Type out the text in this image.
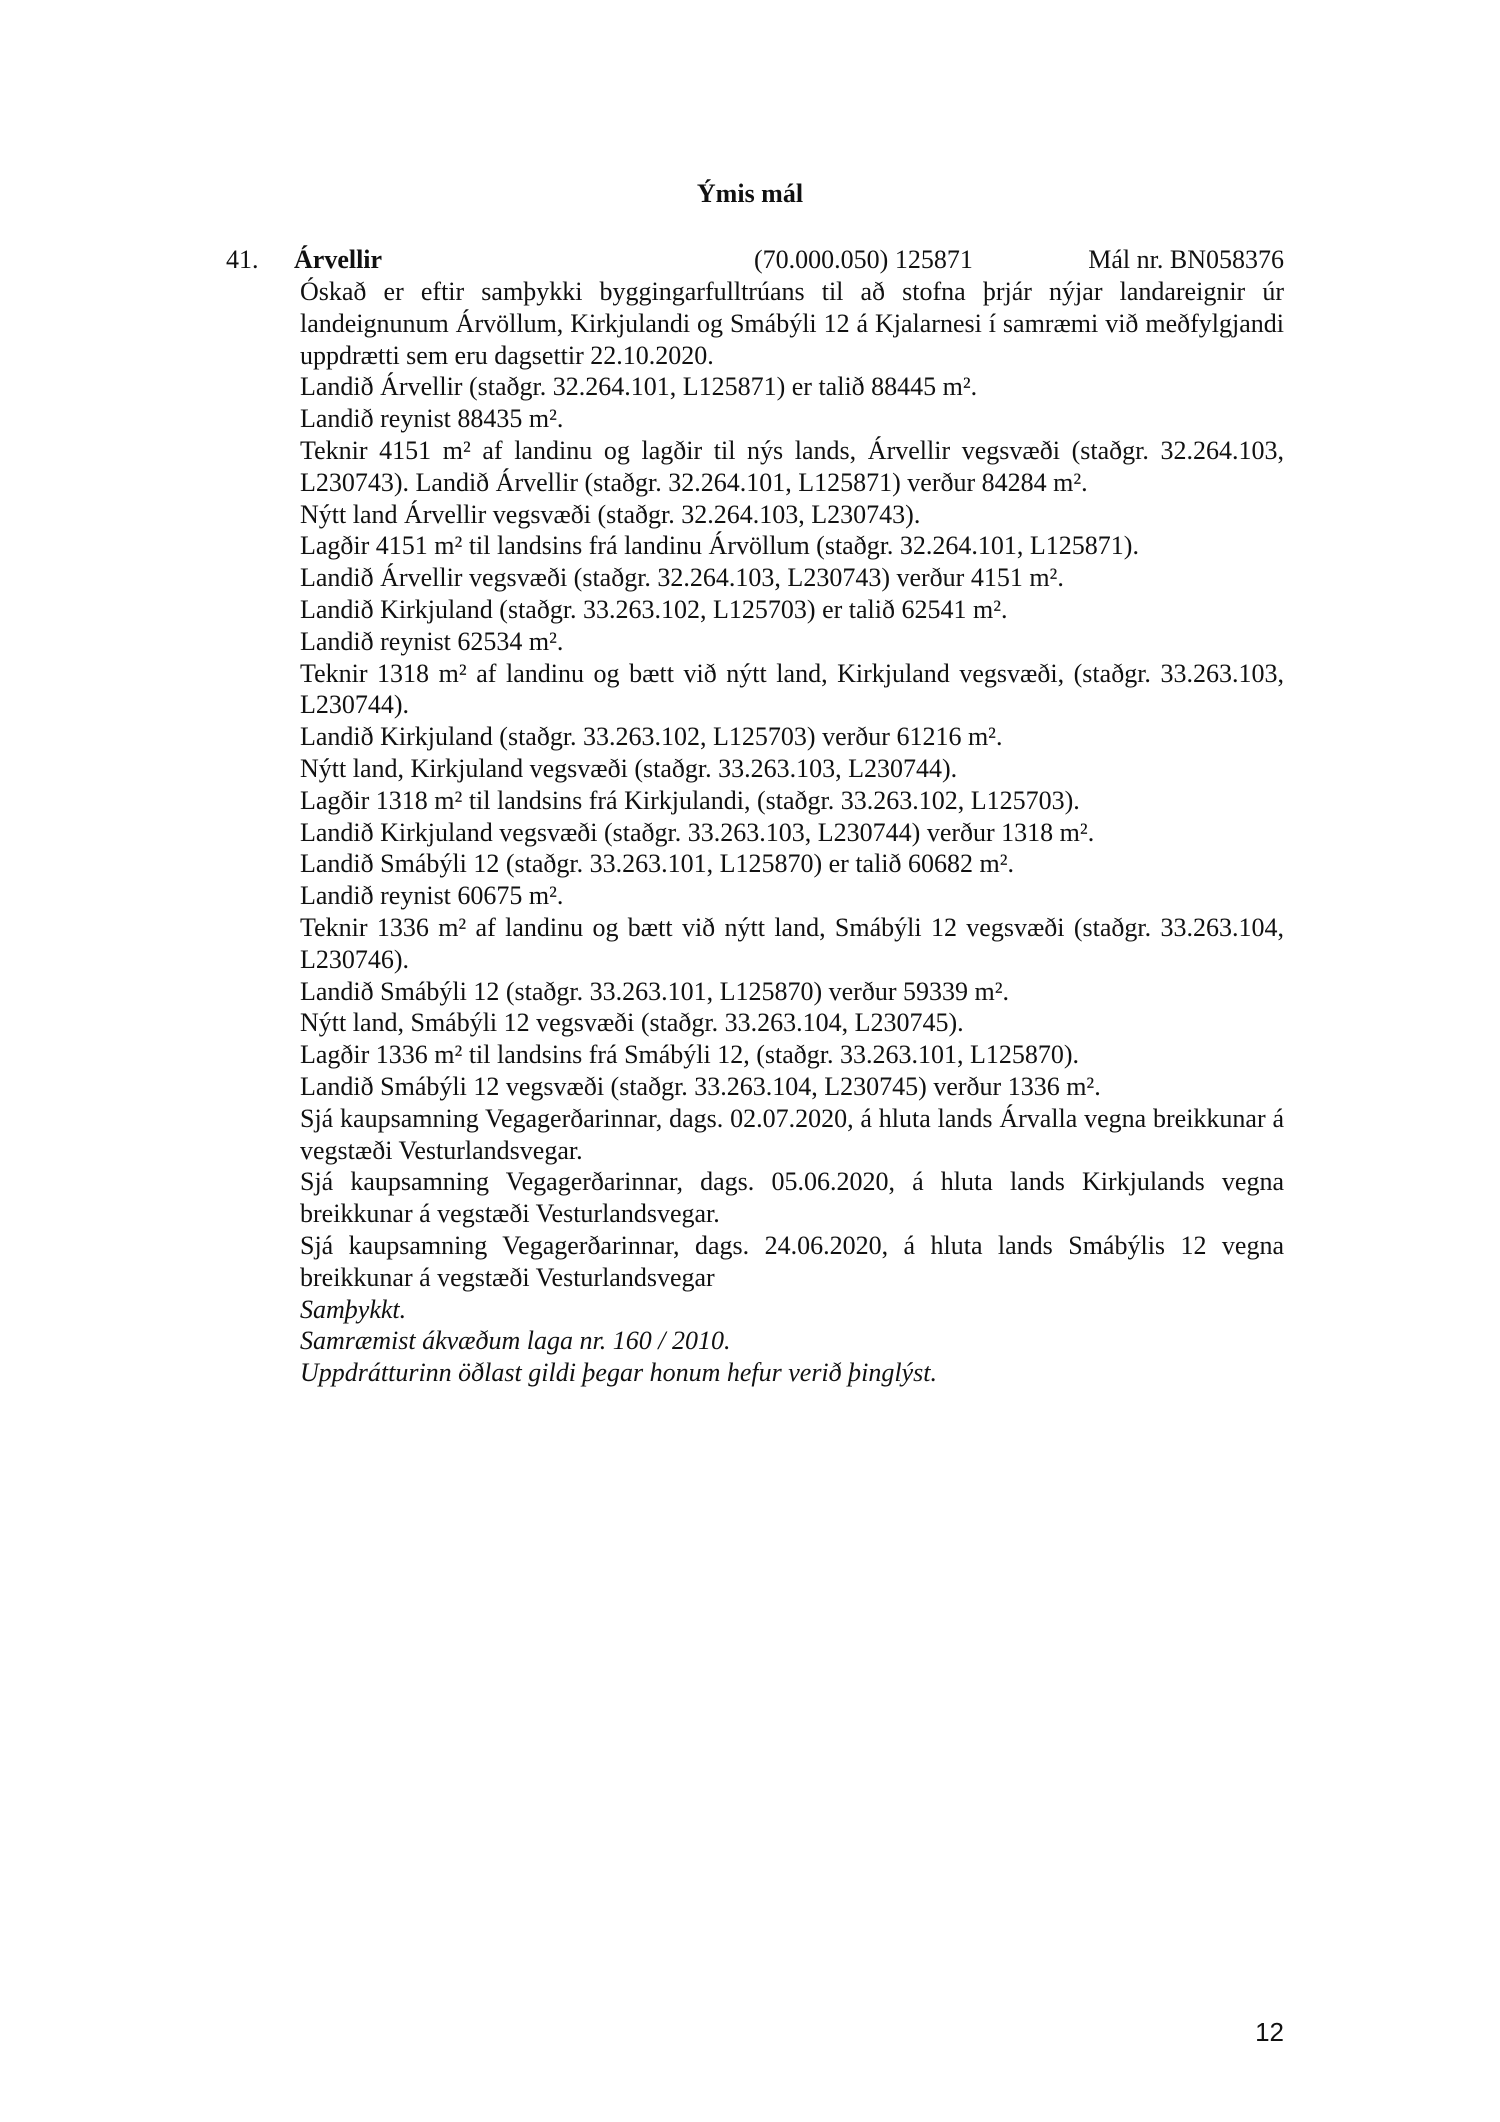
Ýmis mál
41. Árvellir	(70.000.050) 125871	Mál nr. BN058376

Óskað er eftir samþykki byggingarfulltrúans til að stofna þrjár nýjar landareignir úr landeignunum Árvöllum, Kirkjulandi og Smábýli 12 á Kjalarnesi í samræmi við meðfylgjandi uppdrætti sem eru dagsettir 22.10.2020.

Landið Árvellir (staðgr. 32.264.101, L125871) er talið 88445 m².

Landið reynist 88435 m².

Teknir 4151 m² af landinu og lagðir til nýs lands, Árvellir vegsvæði (staðgr. 32.264.103, L230743). Landið Árvellir (staðgr. 32.264.101, L125871) verður 84284 m².

Nýtt land Árvellir vegsvæði (staðgr. 32.264.103, L230743).

Lagðir 4151 m² til landsins frá landinu Árvöllum (staðgr. 32.264.101, L125871).

Landið Árvellir vegsvæði (staðgr. 32.264.103, L230743) verður 4151 m².

Landið Kirkjuland (staðgr. 33.263.102, L125703) er talið 62541 m².

Landið reynist 62534 m².

Teknir 1318 m² af landinu og bætt við nýtt land, Kirkjuland vegsvæði, (staðgr. 33.263.103, L230744).

Landið Kirkjuland (staðgr. 33.263.102, L125703) verður 61216 m².

Nýtt land, Kirkjuland vegsvæði (staðgr. 33.263.103, L230744).

Lagðir 1318 m² til landsins frá Kirkjulandi, (staðgr. 33.263.102, L125703).

Landið Kirkjuland vegsvæði (staðgr. 33.263.103, L230744) verður 1318 m².

Landið Smábýli 12 (staðgr. 33.263.101, L125870) er talið 60682 m².

Landið reynist 60675 m².

Teknir 1336 m² af landinu og bætt við nýtt land, Smábýli 12 vegsvæði (staðgr. 33.263.104, L230746).

Landið Smábýli 12 (staðgr. 33.263.101, L125870) verður 59339 m².

Nýtt land, Smábýli 12 vegsvæði (staðgr. 33.263.104, L230745).

Lagðir 1336 m² til landsins frá Smábýli 12, (staðgr. 33.263.101, L125870).

Landið Smábýli 12 vegsvæði (staðgr. 33.263.104, L230745) verður 1336 m².

Sjá kaupsamning Vegagerðarinnar, dags. 02.07.2020, á hluta lands Árvalla vegna breikkunar á vegstæði Vesturlandsvegar.

Sjá kaupsamning Vegagerðarinnar, dags. 05.06.2020, á hluta lands Kirkjulands vegna breikkunar á vegstæði Vesturlandsvegar.

Sjá kaupsamning Vegagerðarinnar, dags. 24.06.2020, á hluta lands Smábýlis 12 vegna breikkunar á vegstæði Vesturlandsvegar

Samþykkt.

Samræmist ákvæðum laga nr. 160 / 2010.

Uppdrátturinn öðlast gildi þegar honum hefur verið þinglýst.

12
